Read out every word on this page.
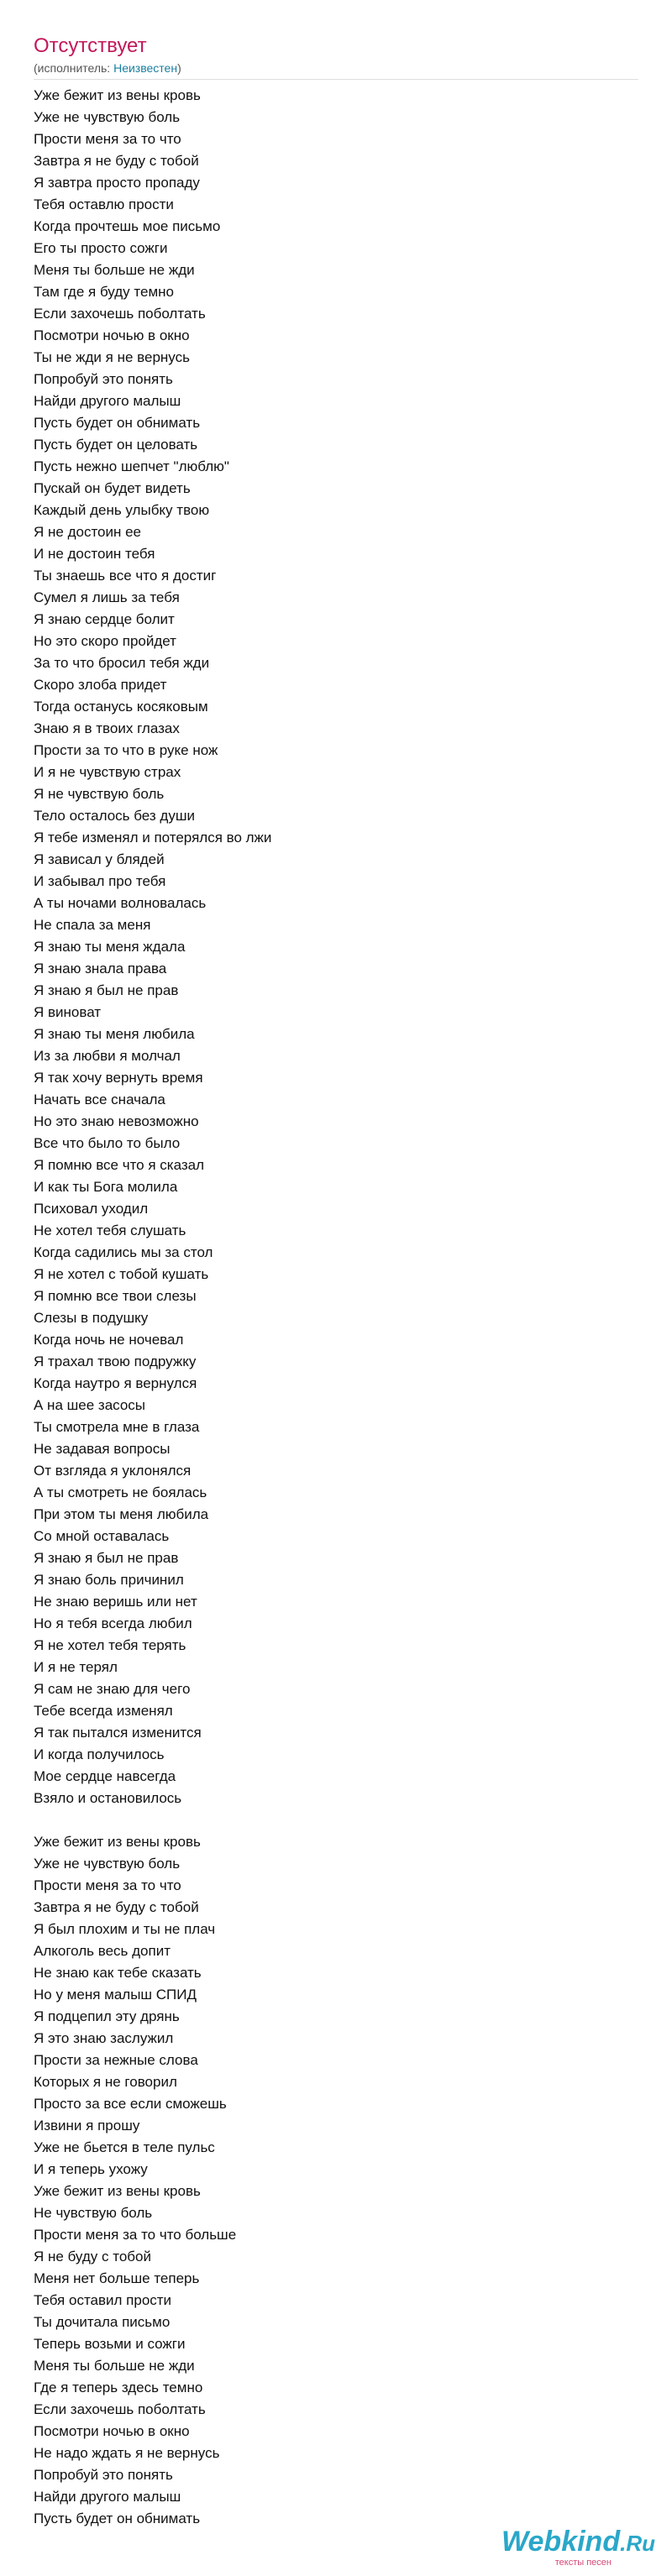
Отсутствует
(исполнитель: Неизвестен)
Уже бежит из вены кровь
Уже не чувствую боль
Прости меня за то что
Завтра я не буду с тобой
Я завтра просто пропаду
Тебя оставлю прости
Когда прочтешь мое письмо
Его ты просто сожги
Меня ты больше не жди
Там где я буду темно
Если захочешь поболтать
Посмотри ночью в окно
Ты не жди я не вернусь
Попробуй это понять
Найди другого малыш
Пусть будет он обнимать
Пусть будет он целовать
Пусть нежно шепчет "люблю"
Пускай он будет видеть
Каждый день улыбку твою
Я не достоин ее
И не достоин тебя
Ты знаешь все что я достиг
Сумел я лишь за тебя
Я знаю сердце болит
Но это скоро пройдет
За то что бросил тебя жди
Скоро злоба придет
Тогда останусь косяковым
Знаю я в твоих глазах
Прости за то что в руке нож
И я не чувствую страх
Я не чувствую боль
Тело осталось без души
Я тебе изменял и потерялся во лжи
Я зависал у блядей
И забывал про тебя
А ты ночами волновалась
Не спала за меня
Я знаю ты меня ждала
Я знаю знала права
Я знаю я был не прав
Я виноват
Я знаю ты меня любила
Из за любви я молчал
Я так хочу вернуть время
Начать все сначала
Но это знаю невозможно
Все что было то было
Я помню все что я сказал
И как ты Бога молила
Психовал уходил
Не хотел тебя слушать
Когда садились мы за стол
Я не хотел с тобой кушать
Я помню все твои слезы
Слезы в подушку
Когда ночь не ночевал
Я трахал твою подружку
Когда наутро я вернулся
А на шее засосы
Ты смотрела мне в глаза
Не задавая вопросы
От взгляда я уклонялся
А ты смотреть не боялась
При этом ты меня любила
Со мной оставалась
Я знаю я был не прав
Я знаю боль причинил
Не знаю веришь или нет
Но я тебя всегда любил
Я не хотел тебя терять
И я не терял
Я сам не знаю для чего
Тебе всегда изменял
Я так пытался изменится
И когда получилось
Мое сердце навсегда
Взяло и остановилось
Уже бежит из вены кровь
Уже не чувствую боль
Прости меня за то что
Завтра я не буду с тобой
Я был плохим и ты не плач
Алкоголь весь допит
Не знаю как тебе сказать
Но у меня малыш СПИД
Я подцепил эту дрянь
Я это знаю заслужил
Прости за нежные слова
Которых я не говорил
Просто за все если сможешь
Извини я прошу
Уже не бьется в теле пульс
И я теперь ухожу
Уже бежит из вены кровь
Не чувствую боль
Прости меня за то что больше
Я не буду с тобой
Меня нет больше теперь
Тебя оставил прости
Ты дочитала письмо
Теперь возьми и сожги
Меня ты больше не жди
Где я теперь здесь темно
Если захочешь поболтать
Посмотри ночью в окно
Не надо ждать я не вернусь
Попробуй это понять
Найди другого малыш
Пусть будет он обнимать
Webkind.Ru
тексты песен
